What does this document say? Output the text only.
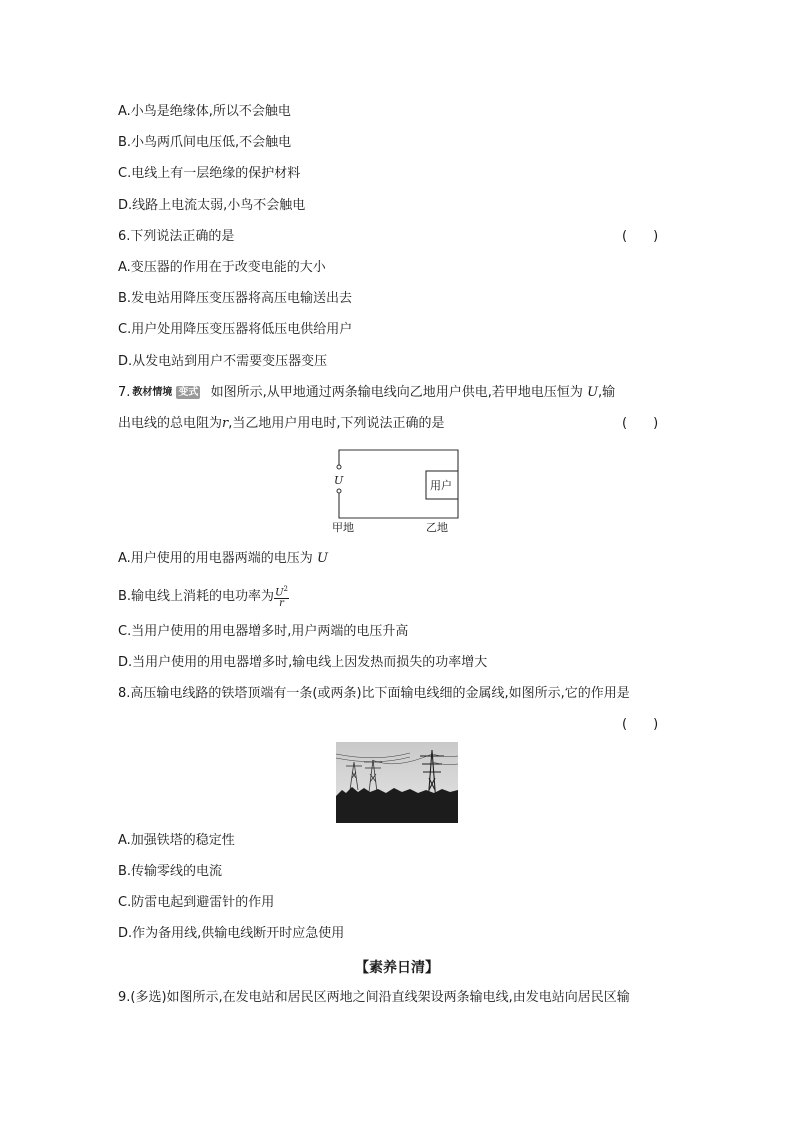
A.小鸟是绝缘体,所以不会触电
B.小鸟两爪间电压低,不会触电
C.电线上有一层绝缘的保护材料
D.线路上电流太弱,小鸟不会触电
6.下列说法正确的是	(　　)
A.变压器的作用在于改变电能的大小
B.发电站用降压变压器将高压电输送出去
C.用户处用降压变压器将低压电供给用户
D.从发电站到用户不需要变压器变压
7. 教材情境 变式 如图所示,从甲地通过两条输电线向乙地用户供电,若甲地电压恒为 U,输
出电线的总电阻为r,当乙地用户用电时,下列说法正确的是	(　　)
U	用户
甲地	乙地
A.用户使用的用电器两端的电压为 U
B.输电线上消耗的电功率为 $\frac{U^2}{r}$
C.当用户使用的用电器增多时,用户两端的电压升高
D.当用户使用的用电器增多时,输电线上因发热而损失的功率增大
8.高压输电线路的铁塔顶端有一条(或两条)比下面输电线细的金属线,如图所示,它的作用是
(　　)
A.加强铁塔的稳定性
B.传输零线的电流
C.防雷电起到避雷针的作用
D.作为备用线,供输电线断开时应急使用
【素养日清】
9.(多选)如图所示,在发电站和居民区两地之间沿直线架设两条输电线,由发电站向居民区输
